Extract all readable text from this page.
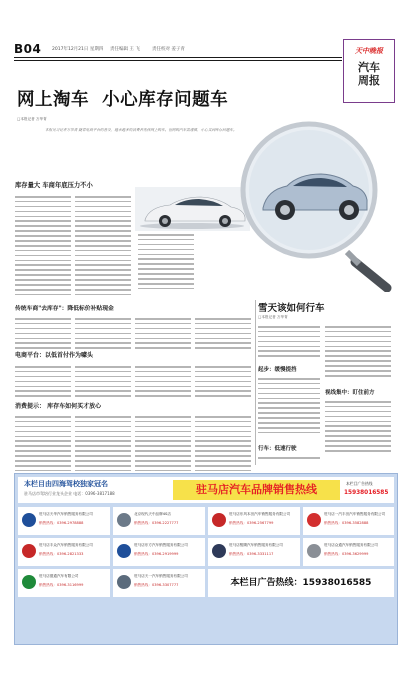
B04 2017年12月21日 星期四 责任编辑 王 飞	责任校对 姜子青	天中晚报
汽车
周报
网上淘车  小心库存问题车
□本报记者 万华青
本报见习记者万华青 随着电商平台的普及，越来越多的消费者选择网上购车。但网购汽车需谨慎，小心买到库存问题车。
库存量大 车商年底压力不小
传统车商"去库存"：降低标价补贴现金
电商平台：以低首付作为噱头
消费提示： 库存车如何买才放心
雪天该如何行车
□本报记者 万华青
起步：缓慢提挡
行车：低速行驶
视线集中：盯住前方
本栏目由四海驾校独家冠名
驻马店市驾培行业龙头企业 电话：0396-3817188	驻马店汽车品牌销售热线	本栏目广告热线
15938016585
驻马店天华汽车销售服务有限公司
销售热线：0396-2978888
北京现代天中品牌4S店
销售热线：0396-2227777
驻马店东风本田汽车销售服务有限公司
销售热线：0396-2567799
驻马店一汽丰田汽车销售服务有限公司
销售热线：0396-3582888
驻马店丰众汽车销售服务有限公司
销售热线：0396-2821333
驻马店东方汽车销售服务有限公司
销售热线：0396-2919999
驻马店骏腾汽车销售服务有限公司
销售热线：0396-3331117
驻马店众通汽车销售服务有限公司
销售热线：0396-3629999
驻马店德通汽车有限公司
销售热线：0396-3116999
驻马店天一汽车销售服务有限公司
销售热线：0396-3307777	本栏目广告热线：15938016585
